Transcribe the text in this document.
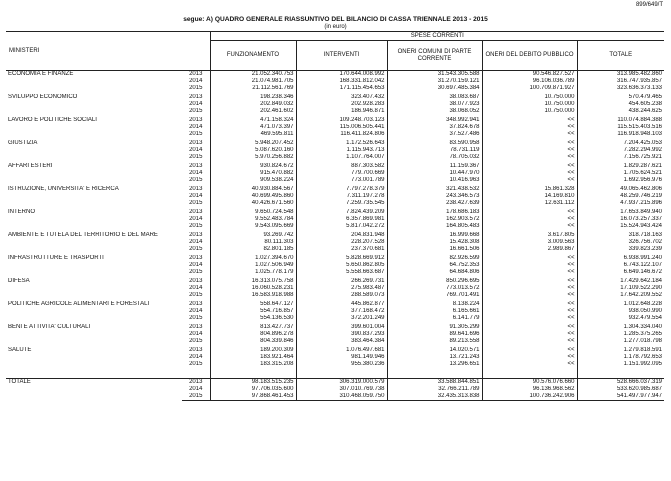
899/649/T
segue: A) QUADRO GENERALE RIASSUNTIVO DEL BILANCIO DI CASSA TRIENNALE 2013 - 2015
(in euro)
MINISTERI		SPESE CORRENTI				
		FUNZIONAMENTO	INTERVENTI	ONERI COMUNI DI PARTE CORRENTE	ONERI DEL DEBITO PUBBLICO	TOTALE
ECONOMIA E FINANZE	2013	21.052.340.753	170.644.008.992	31.543.305.588	90.546.827.527	313.985.482.860
	2014	21.074.981.705	168.331.812.042	31.270.159.121	96.106.036.789	316.747.935.857
	2015	21.112.561.769	171.115.454.653	30.697.485.384	100.709.871.927	323.636.373.133

SVILUPPO ECONOMICO	2013	198.238.346	323.407.432	38.083.687	10.750.000	570.479.465
	2014	202.849.032	202.928.283	38.077.923	10.750.000	454.605.238
	2015	202.461.602	186.946.871	38.068.052	10.750.000	438.244.625

LAVORO E POLITICHE SOCIALI	2013	471.158.324	109.248.703.123	348.992.941	<<	110.074.884.388
	2014	471.073.397	115.006.505.441	37.824.678	<<	115.515.403.516
	2015	469.595.811	116.411.824.806	37.527.486	<<	116.918.948.103

GIUSTIZIA	2013	5.948.207.452	1.172.526.643	83.590.958	<<	7.204.425.053
	2014	5.087.620.160	1.115.943.713	78.731.119	<<	7.282.294.992
	2015	5.970.256.882	1.107.764.007	78.705.032	<<	7.156.725.921

AFFARI ESTERI	2013	930.824.672	887.303.582	11.159.367	<<	1.829.287.621
	2014	915.470.882	779.700.669	10.447.970	<<	1.705.624.521
	2015	909.538.224	773.001.789	10.416.963	<<	1.692.956.976

ISTRUZIONE, UNIVERSITA' E RICERCA	2013	40.930.884.567	7.797.278.379	321.438.532	15.861.328	49.065.462.806
	2014	40.699.495.860	7.311.197.278	243.346.573	14.169.810	48.259.746.219
	2015	40.426.671.560	7.259.735.545	238.427.639	12.631.112	47.937.215.896

INTERNO	2013	9.650.724.548	7.824.439.209	178.686.183	<<	17.653.849.940
	2014	9.552.483.784	6.357.869.981	162.903.572	<<	16.073.257.337
	2015	9.543.095.669	5.817.042.272	164.805.483	<<	15.524.943.424

AMBIENTE E TUTELA DEL TERRITORIO E DEL MARE	2013	93.269.742	204.831.948	16.999.668	3.617.805	318.718.163
	2014	80.111.303	228.207.528	15.428.308	3.009.563	326.756.702
	2015	82.801.185	237.370.681	16.661.506	2.989.867	339.823.239

INFRASTRUTTURE E TRASPORTI	2013	1.027.394.670	5.828.669.912	82.926.599	<<	6.938.991.240
	2014	1.027.506.949	5.650.862.805	64.752.353	<<	6.743.122.107
	2015	1.025.778.179	5.558.663.687	64.684.806	<<	6.649.146.672

DIFESA	2013	16.313.075.758	266.269.731	850.296.695	<<	17.429.642.184
	2014	16.060.528.231	275.983.487	773.013.572	<<	17.109.522.290
	2015	16.583.918.988	288.589.073	769.701.491	<<	17.642.209.552

POLITICHE AGRICOLE ALIMENTARI E FORESTALI	2013	558.647.127	445.862.877	8.138.224	<<	1.012.648.228
	2014	554.716.857	377.168.472	6.165.661	<<	938.050.990
	2015	554.136.530	372.201.249	6.141.779	<<	932.479.554

BENI E ATTIVITA' CULTURALI	2013	813.427.737	399.601.004	91.305.299	<<	1.304.334.040
	2014	804.896.278	390.837.293	89.641.696	<<	1.285.375.265
	2015	804.339.846	383.464.384	89.213.558	<<	1.277.018.798

SALUTE	2013	189.200.309	1.076.497.681	14.020.571	<<	1.279.818.591
	2014	183.921.464	981.149.946	13.721.243	<<	1.178.792.653
	2015	183.315.208	955.380.236	13.296.651	<<	1.151.992.095

TOTALE	2013	98.183.515.235	306.319.000.579	33.588.844.851	90.576.076.660	528.666.037.319
	2014	97.706.035.600	307.010.769.738	32.766.211.789	96.136.968.562	533.620.985.687
	2015	97.868.461.453	310.468.059.750	32.435.313.838	100.736.242.906	541.497.977.947
